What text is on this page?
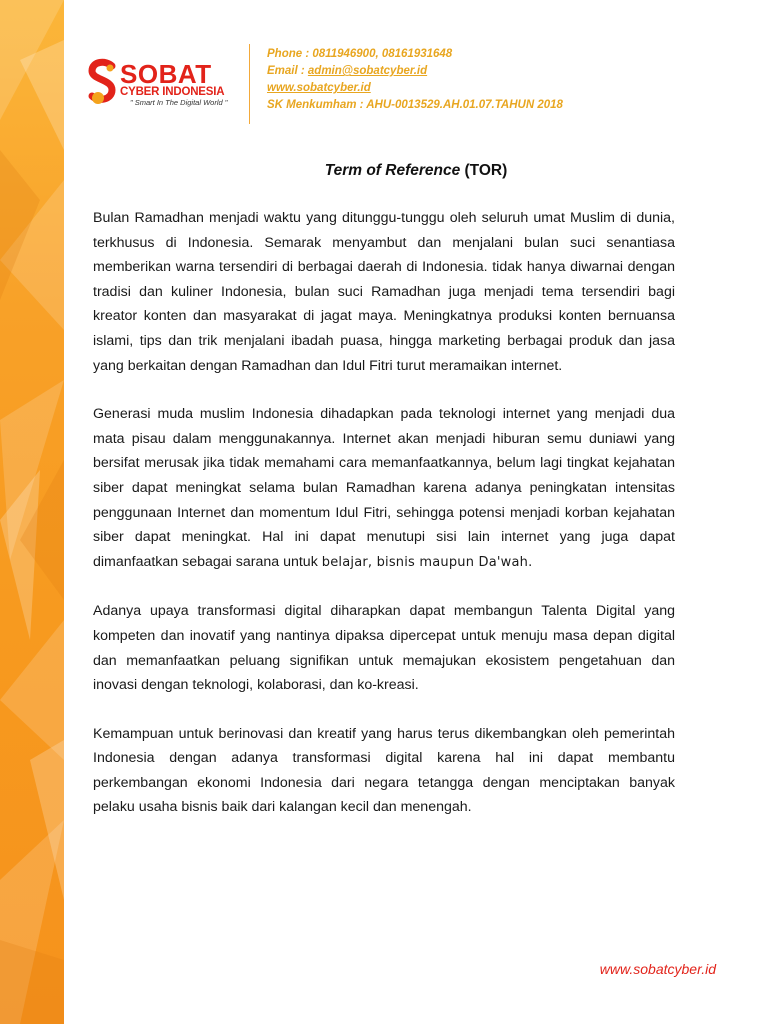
SOBAT
CYBER INDONESIA
" Smart In The Digital World "
Phone : 0811946900, 08161931648
Email : admin@sobatcyber.id
www.sobatcyber.id
SK Menkumham : AHU-0013529.AH.01.07.TAHUN 2018
Term of Reference (TOR)

Bulan Ramadhan menjadi waktu yang ditunggu-tunggu oleh seluruh umat Muslim di dunia, terkhusus di Indonesia. Semarak menyambut dan menjalani bulan suci senantiasa memberikan warna tersendiri di berbagai daerah di Indonesia. tidak hanya diwarnai dengan tradisi dan kuliner Indonesia, bulan suci Ramadhan juga menjadi tema tersendiri bagi kreator konten dan masyarakat di jagat maya. Meningkatnya produksi konten bernuansa islami, tips dan trik menjalani ibadah puasa, hingga marketing berbagai produk dan jasa yang berkaitan dengan Ramadhan dan Idul Fitri turut meramaikan internet.

Generasi muda muslim Indonesia dihadapkan pada teknologi internet yang menjadi dua mata pisau dalam menggunakannya. Internet akan menjadi hiburan semu duniawi yang bersifat merusak jika tidak memahami cara memanfaatkannya, belum lagi tingkat kejahatan siber dapat meningkat selama bulan Ramadhan karena adanya peningkatan intensitas penggunaan Internet dan momentum Idul Fitri, sehingga potensi menjadi korban kejahatan siber dapat meningkat. Hal ini dapat menutupi sisi lain internet yang juga dapat dimanfaatkan sebagai sarana untuk belajar, bisnis maupun Da'wah.

Adanya upaya transformasi digital diharapkan dapat membangun Talenta Digital yang kompeten dan inovatif yang nantinya dipaksa dipercepat untuk menuju masa depan digital dan memanfaatkan peluang signifikan untuk memajukan ekosistem pengetahuan dan inovasi dengan teknologi, kolaborasi, dan ko-kreasi.

Kemampuan untuk berinovasi dan kreatif yang harus terus dikembangkan oleh pemerintah Indonesia dengan adanya transformasi digital karena hal ini dapat membantu perkembangan ekonomi Indonesia dari negara tetangga dengan menciptakan banyak pelaku usaha bisnis baik dari kalangan kecil dan menengah.

www.sobatcyber.id
